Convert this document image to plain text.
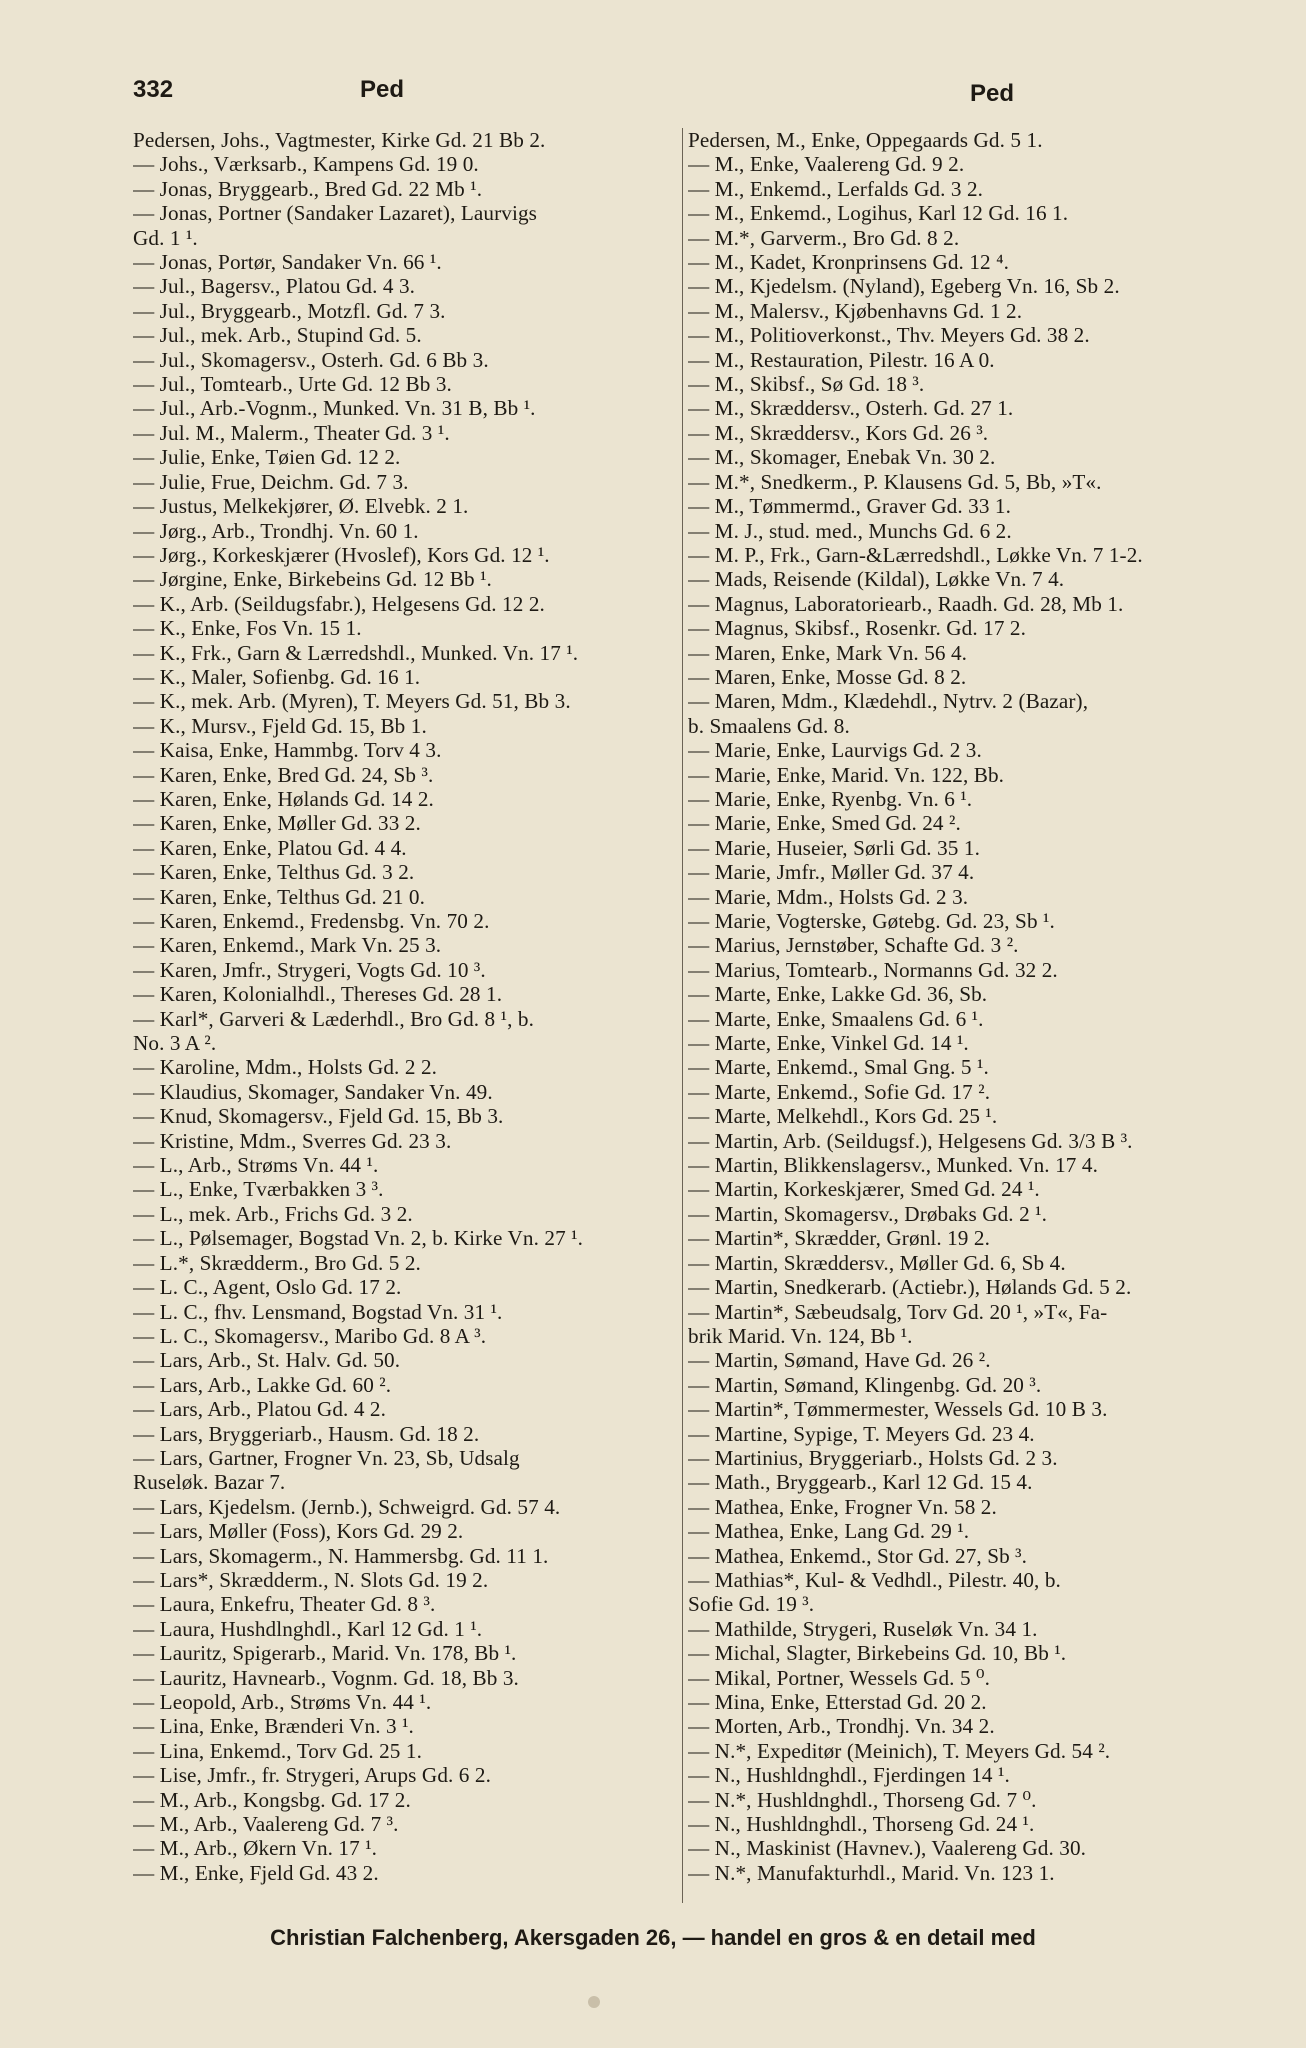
332	Ped	Ped
Pedersen, Johs., Vagtmester, Kirke Gd. 21 Bb 2.
— Johs., Værksarb., Kampens Gd. 19 0.
— Jonas, Bryggearb., Bred Gd. 22 Mb ¹.
— Jonas, Portner (Sandaker Lazaret), Laurvigs
Gd. 1 ¹.
— Jonas, Portør, Sandaker Vn. 66 ¹.
— Jul., Bagersv., Platou Gd. 4 3.
— Jul., Bryggearb., Motzfl. Gd. 7 3.
— Jul., mek. Arb., Stupind Gd. 5.
— Jul., Skomagersv., Osterh. Gd. 6 Bb 3.
— Jul., Tomtearb., Urte Gd. 12 Bb 3.
— Jul., Arb.-Vognm., Munked. Vn. 31 B, Bb ¹.
— Jul. M., Malerm., Theater Gd. 3 ¹.
— Julie, Enke, Tøien Gd. 12 2.
— Julie, Frue, Deichm. Gd. 7 3.
— Justus, Melkekjører, Ø. Elvebk. 2 1.
— Jørg., Arb., Trondhj. Vn. 60 1.
— Jørg., Korkeskjærer (Hvoslef), Kors Gd. 12 ¹.
— Jørgine, Enke, Birkebeins Gd. 12 Bb ¹.
— K., Arb. (Seildugsfabr.), Helgesens Gd. 12 2.
— K., Enke, Fos Vn. 15 1.
— K., Frk., Garn & Lærredshdl., Munked. Vn. 17 ¹.
— K., Maler, Sofienbg. Gd. 16 1.
— K., mek. Arb. (Myren), T. Meyers Gd. 51, Bb 3.
— K., Mursv., Fjeld Gd. 15, Bb 1.
— Kaisa, Enke, Hammbg. Torv 4 3.
— Karen, Enke, Bred Gd. 24, Sb ³.
— Karen, Enke, Hølands Gd. 14 2.
— Karen, Enke, Møller Gd. 33 2.
— Karen, Enke, Platou Gd. 4 4.
— Karen, Enke, Telthus Gd. 3 2.
— Karen, Enke, Telthus Gd. 21 0.
— Karen, Enkemd., Fredensbg. Vn. 70 2.
— Karen, Enkemd., Mark Vn. 25 3.
— Karen, Jmfr., Strygeri, Vogts Gd. 10 ³.
— Karen, Kolonialhdl., Thereses Gd. 28 1.
— Karl*, Garveri & Læderhdl., Bro Gd. 8 ¹, b.
No. 3 A ².
— Karoline, Mdm., Holsts Gd. 2 2.
— Klaudius, Skomager, Sandaker Vn. 49.
— Knud, Skomagersv., Fjeld Gd. 15, Bb 3.
— Kristine, Mdm., Sverres Gd. 23 3.
— L., Arb., Strøms Vn. 44 ¹.
— L., Enke, Tværbakken 3 ³.
— L., mek. Arb., Frichs Gd. 3 2.
— L., Pølsemager, Bogstad Vn. 2, b. Kirke Vn. 27 ¹.
— L.*, Skrædderm., Bro Gd. 5 2.
— L. C., Agent, Oslo Gd. 17 2.
— L. C., fhv. Lensmand, Bogstad Vn. 31 ¹.
— L. C., Skomagersv., Maribo Gd. 8 A ³.
— Lars, Arb., St. Halv. Gd. 50.
— Lars, Arb., Lakke Gd. 60 ².
— Lars, Arb., Platou Gd. 4 2.
— Lars, Bryggeriarb., Hausm. Gd. 18 2.
— Lars, Gartner, Frogner Vn. 23, Sb, Udsalg
Ruseløk. Bazar 7.
— Lars, Kjedelsm. (Jernb.), Schweigrd. Gd. 57 4.
— Lars, Møller (Foss), Kors Gd. 29 2.
— Lars, Skomagerm., N. Hammersbg. Gd. 11 1.
— Lars*, Skrædderm., N. Slots Gd. 19 2.
— Laura, Enkefru, Theater Gd. 8 ³.
— Laura, Hushdlnghdl., Karl 12 Gd. 1 ¹.
— Lauritz, Spigerarb., Marid. Vn. 178, Bb ¹.
— Lauritz, Havnearb., Vognm. Gd. 18, Bb 3.
— Leopold, Arb., Strøms Vn. 44 ¹.
— Lina, Enke, Brænderi Vn. 3 ¹.
— Lina, Enkemd., Torv Gd. 25 1.
— Lise, Jmfr., fr. Strygeri, Arups Gd. 6 2.
— M., Arb., Kongsbg. Gd. 17 2.
— M., Arb., Vaalereng Gd. 7 ³.
— M., Arb., Økern Vn. 17 ¹.
— M., Enke, Fjeld Gd. 43 2.
Pedersen, M., Enke, Oppegaards Gd. 5 1.
— M., Enke, Vaalereng Gd. 9 2.
— M., Enkemd., Lerfalds Gd. 3 2.
— M., Enkemd., Logihus, Karl 12 Gd. 16 1.
— M.*, Garverm., Bro Gd. 8 2.
— M., Kadet, Kronprinsens Gd. 12 ⁴.
— M., Kjedelsm. (Nyland), Egeberg Vn. 16, Sb 2.
— M., Malersv., Kjøbenhavns Gd. 1 2.
— M., Politioverkonst., Thv. Meyers Gd. 38 2.
— M., Restauration, Pilestr. 16 A 0.
— M., Skibsf., Sø Gd. 18 ³.
— M., Skræddersv., Osterh. Gd. 27 1.
— M., Skræddersv., Kors Gd. 26 ³.
— M., Skomager, Enebak Vn. 30 2.
— M.*, Snedkerm., P. Klausens Gd. 5, Bb, »T«.
— M., Tømmermd., Graver Gd. 33 1.
— M. J., stud. med., Munchs Gd. 6 2.
— M. P., Frk., Garn-&Lærredshdl., Løkke Vn. 7 1-2.
— Mads, Reisende (Kildal), Løkke Vn. 7 4.
— Magnus, Laboratoriearb., Raadh. Gd. 28, Mb 1.
— Magnus, Skibsf., Rosenkr. Gd. 17 2.
— Maren, Enke, Mark Vn. 56 4.
— Maren, Enke, Mosse Gd. 8 2.
— Maren, Mdm., Klædehdl., Nytrv. 2 (Bazar),
b. Smaalens Gd. 8.
— Marie, Enke, Laurvigs Gd. 2 3.
— Marie, Enke, Marid. Vn. 122, Bb.
— Marie, Enke, Ryenbg. Vn. 6 ¹.
— Marie, Enke, Smed Gd. 24 ².
— Marie, Huseier, Sørli Gd. 35 1.
— Marie, Jmfr., Møller Gd. 37 4.
— Marie, Mdm., Holsts Gd. 2 3.
— Marie, Vogterske, Gøtebg. Gd. 23, Sb ¹.
— Marius, Jernstøber, Schafte Gd. 3 ².
— Marius, Tomtearb., Normanns Gd. 32 2.
— Marte, Enke, Lakke Gd. 36, Sb.
— Marte, Enke, Smaalens Gd. 6 ¹.
— Marte, Enke, Vinkel Gd. 14 ¹.
— Marte, Enkemd., Smal Gng. 5 ¹.
— Marte, Enkemd., Sofie Gd. 17 ².
— Marte, Melkehdl., Kors Gd. 25 ¹.
— Martin, Arb. (Seildugsf.), Helgesens Gd. 3/3 B ³.
— Martin, Blikkenslagersv., Munked. Vn. 17 4.
— Martin, Korkeskjærer, Smed Gd. 24 ¹.
— Martin, Skomagersv., Drøbaks Gd. 2 ¹.
— Martin*, Skrædder, Grønl. 19 2.
— Martin, Skræddersv., Møller Gd. 6, Sb 4.
— Martin, Snedkerarb. (Actiebr.), Hølands Gd. 5 2.
— Martin*, Sæbeudsalg, Torv Gd. 20 ¹, »T«, Fa-
brik Marid. Vn. 124, Bb ¹.
— Martin, Sømand, Have Gd. 26 ².
— Martin, Sømand, Klingenbg. Gd. 20 ³.
— Martin*, Tømmermester, Wessels Gd. 10 B 3.
— Martine, Sypige, T. Meyers Gd. 23 4.
— Martinius, Bryggeriarb., Holsts Gd. 2 3.
— Math., Bryggearb., Karl 12 Gd. 15 4.
— Mathea, Enke, Frogner Vn. 58 2.
— Mathea, Enke, Lang Gd. 29 ¹.
— Mathea, Enkemd., Stor Gd. 27, Sb ³.
— Mathias*, Kul- & Vedhdl., Pilestr. 40, b.
Sofie Gd. 19 ³.
— Mathilde, Strygeri, Ruseløk Vn. 34 1.
— Michal, Slagter, Birkebeins Gd. 10, Bb ¹.
— Mikal, Portner, Wessels Gd. 5 ⁰.
— Mina, Enke, Etterstad Gd. 20 2.
— Morten, Arb., Trondhj. Vn. 34 2.
— N.*, Expeditør (Meinich), T. Meyers Gd. 54 ².
— N., Hushldnghdl., Fjerdingen 14 ¹.
— N.*, Hushldnghdl., Thorseng Gd. 7 ⁰.
— N., Hushldnghdl., Thorseng Gd. 24 ¹.
— N., Maskinist (Havnev.), Vaalereng Gd. 30.
— N.*, Manufakturhdl., Marid. Vn. 123 1.
Christian Falchenberg, Akersgaden 26, — handel en gros & en detail med
